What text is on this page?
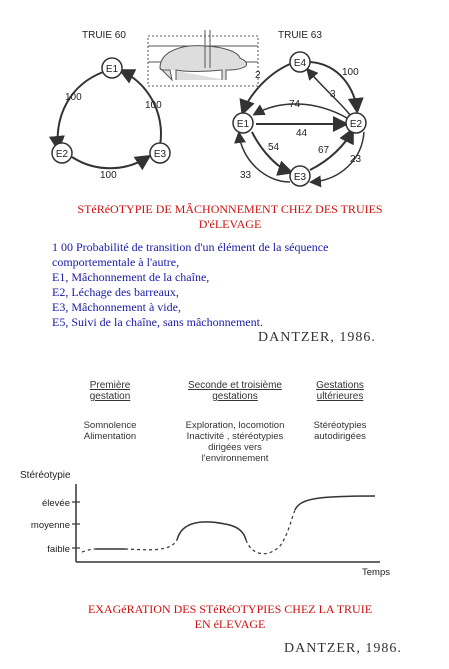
TRUIE 60
E1
E2	E3
100
100
100
TRUIE 63
E4
E1	E2
E3
2	100
3
74
44
54	67
33
23
STéRéOTYPIE DE MÂCHONNEMENT CHEZ DES TRUIES
D'éLEVAGE
1 00 Probabilité de transition d'un élément de la séquence
comportementale à l'autre,
E1, Mâchonnement de la chaîne,
E2, Léchage des barreaux,
E3, Mâchonnement à vide,
E5, Suivi de la chaîne, sans mâchonnement.
DANTZER, 1986.
Première
gestation
Seconde et troisième
gestations
Gestations
ultérieures
Somnolence
Alimentation
Exploration, locomotion
Inactivité , stéréotypies
dirigées vers
l'environnement
Stéréotypies
autodirigées
Stéréotypie
élevée
moyenne
faible
Temps
EXAGéRATION DES STéRéOTYPIES CHEZ LA TRUIE
EN éLEVAGE
DANTZER, 1986.
